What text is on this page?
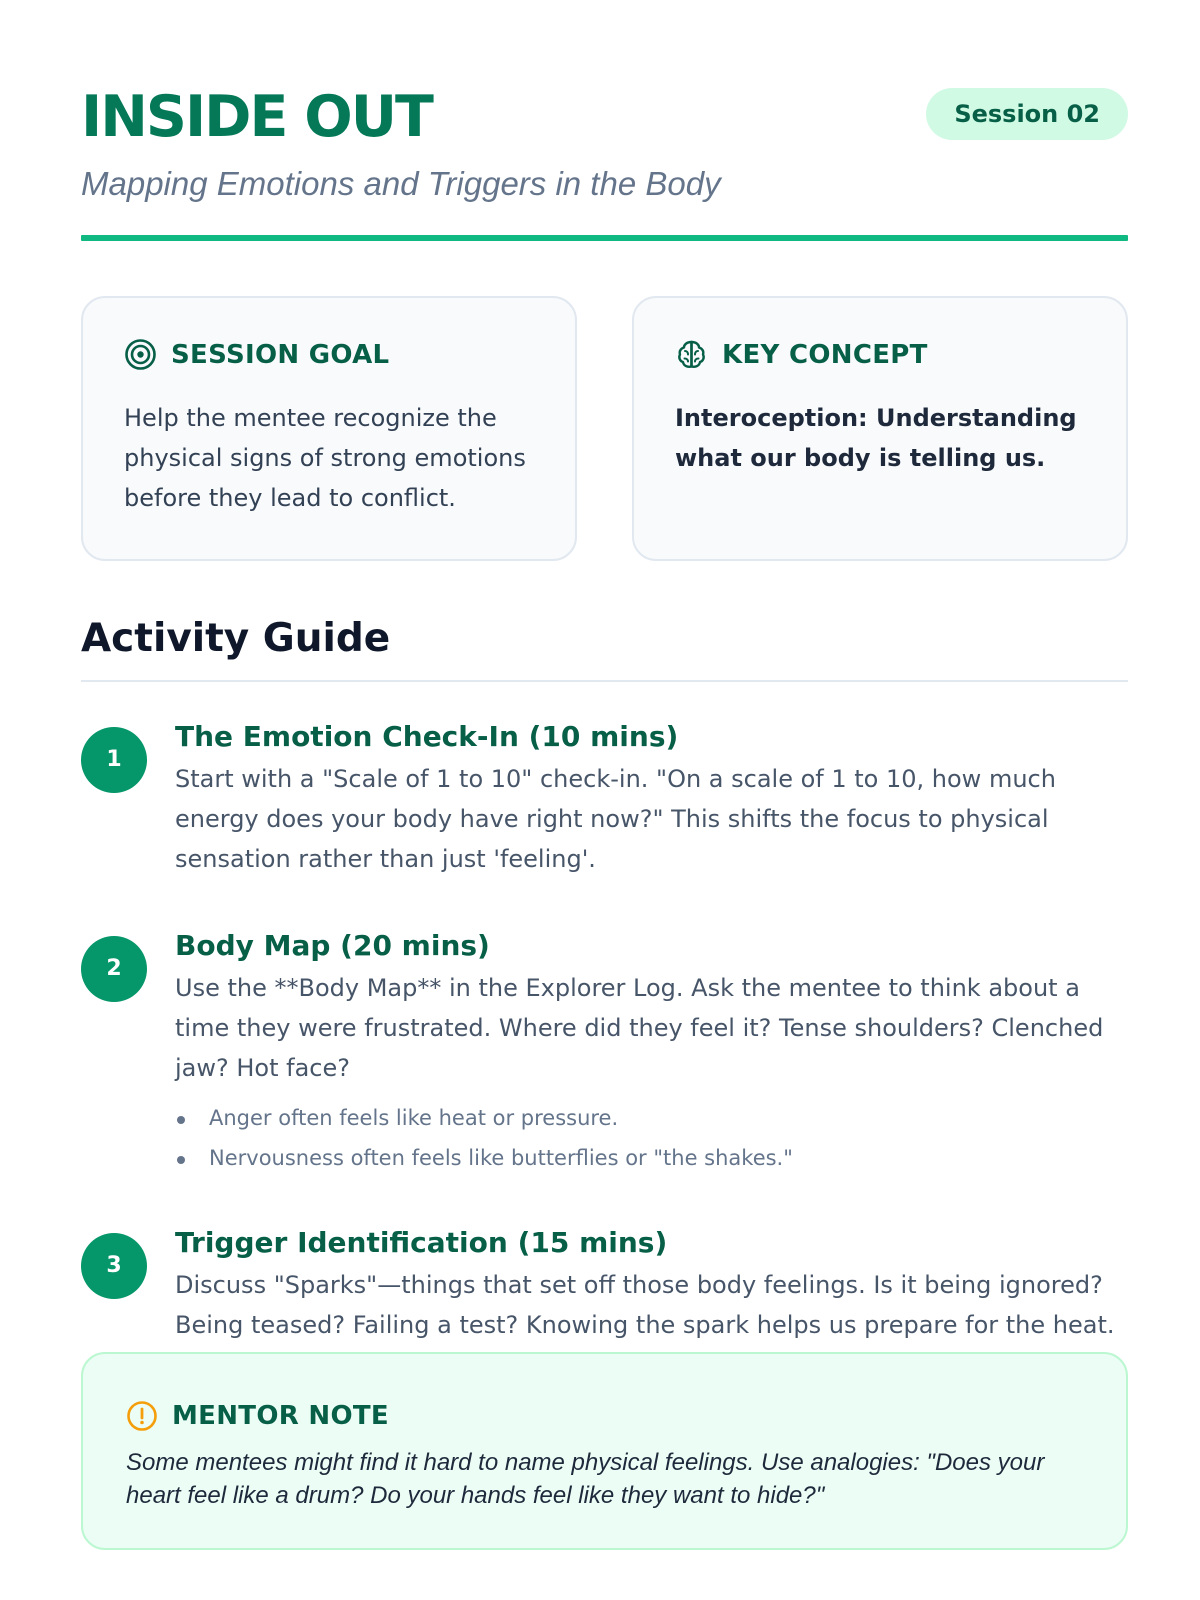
INSIDE OUT
Mapping Emotions and Triggers in the Body
Session 02
SESSION GOAL

Help the mentee recognize the physical signs of strong emotions before they lead to conflict.

KEY CONCEPT

Interoception: Understanding what our body is telling us.

Activity Guide
1
The Emotion Check-In (10 mins)

Start with a "Scale of 1 to 10" check-in. "On a scale of 1 to 10, how much energy does your body have right now?" This shifts the focus to physical sensation rather than just 'feeling'.

2
Body Map (20 mins)

Use the **Body Map** in the Explorer Log. Ask the mentee to think about a time they were frustrated. Where did they feel it? Tense shoulders? Clenched jaw? Hot face?

Anger often feels like heat or pressure.
Nervousness often feels like butterflies or "the shakes."
3
Trigger Identification (15 mins)

Discuss "Sparks"—things that set off those body feelings. Is it being ignored? Being teased? Failing a test? Knowing the spark helps us prepare for the heat.

MENTOR NOTE

Some mentees might find it hard to name physical feelings. Use analogies: "Does your heart feel like a drum? Do your hands feel like they want to hide?"
